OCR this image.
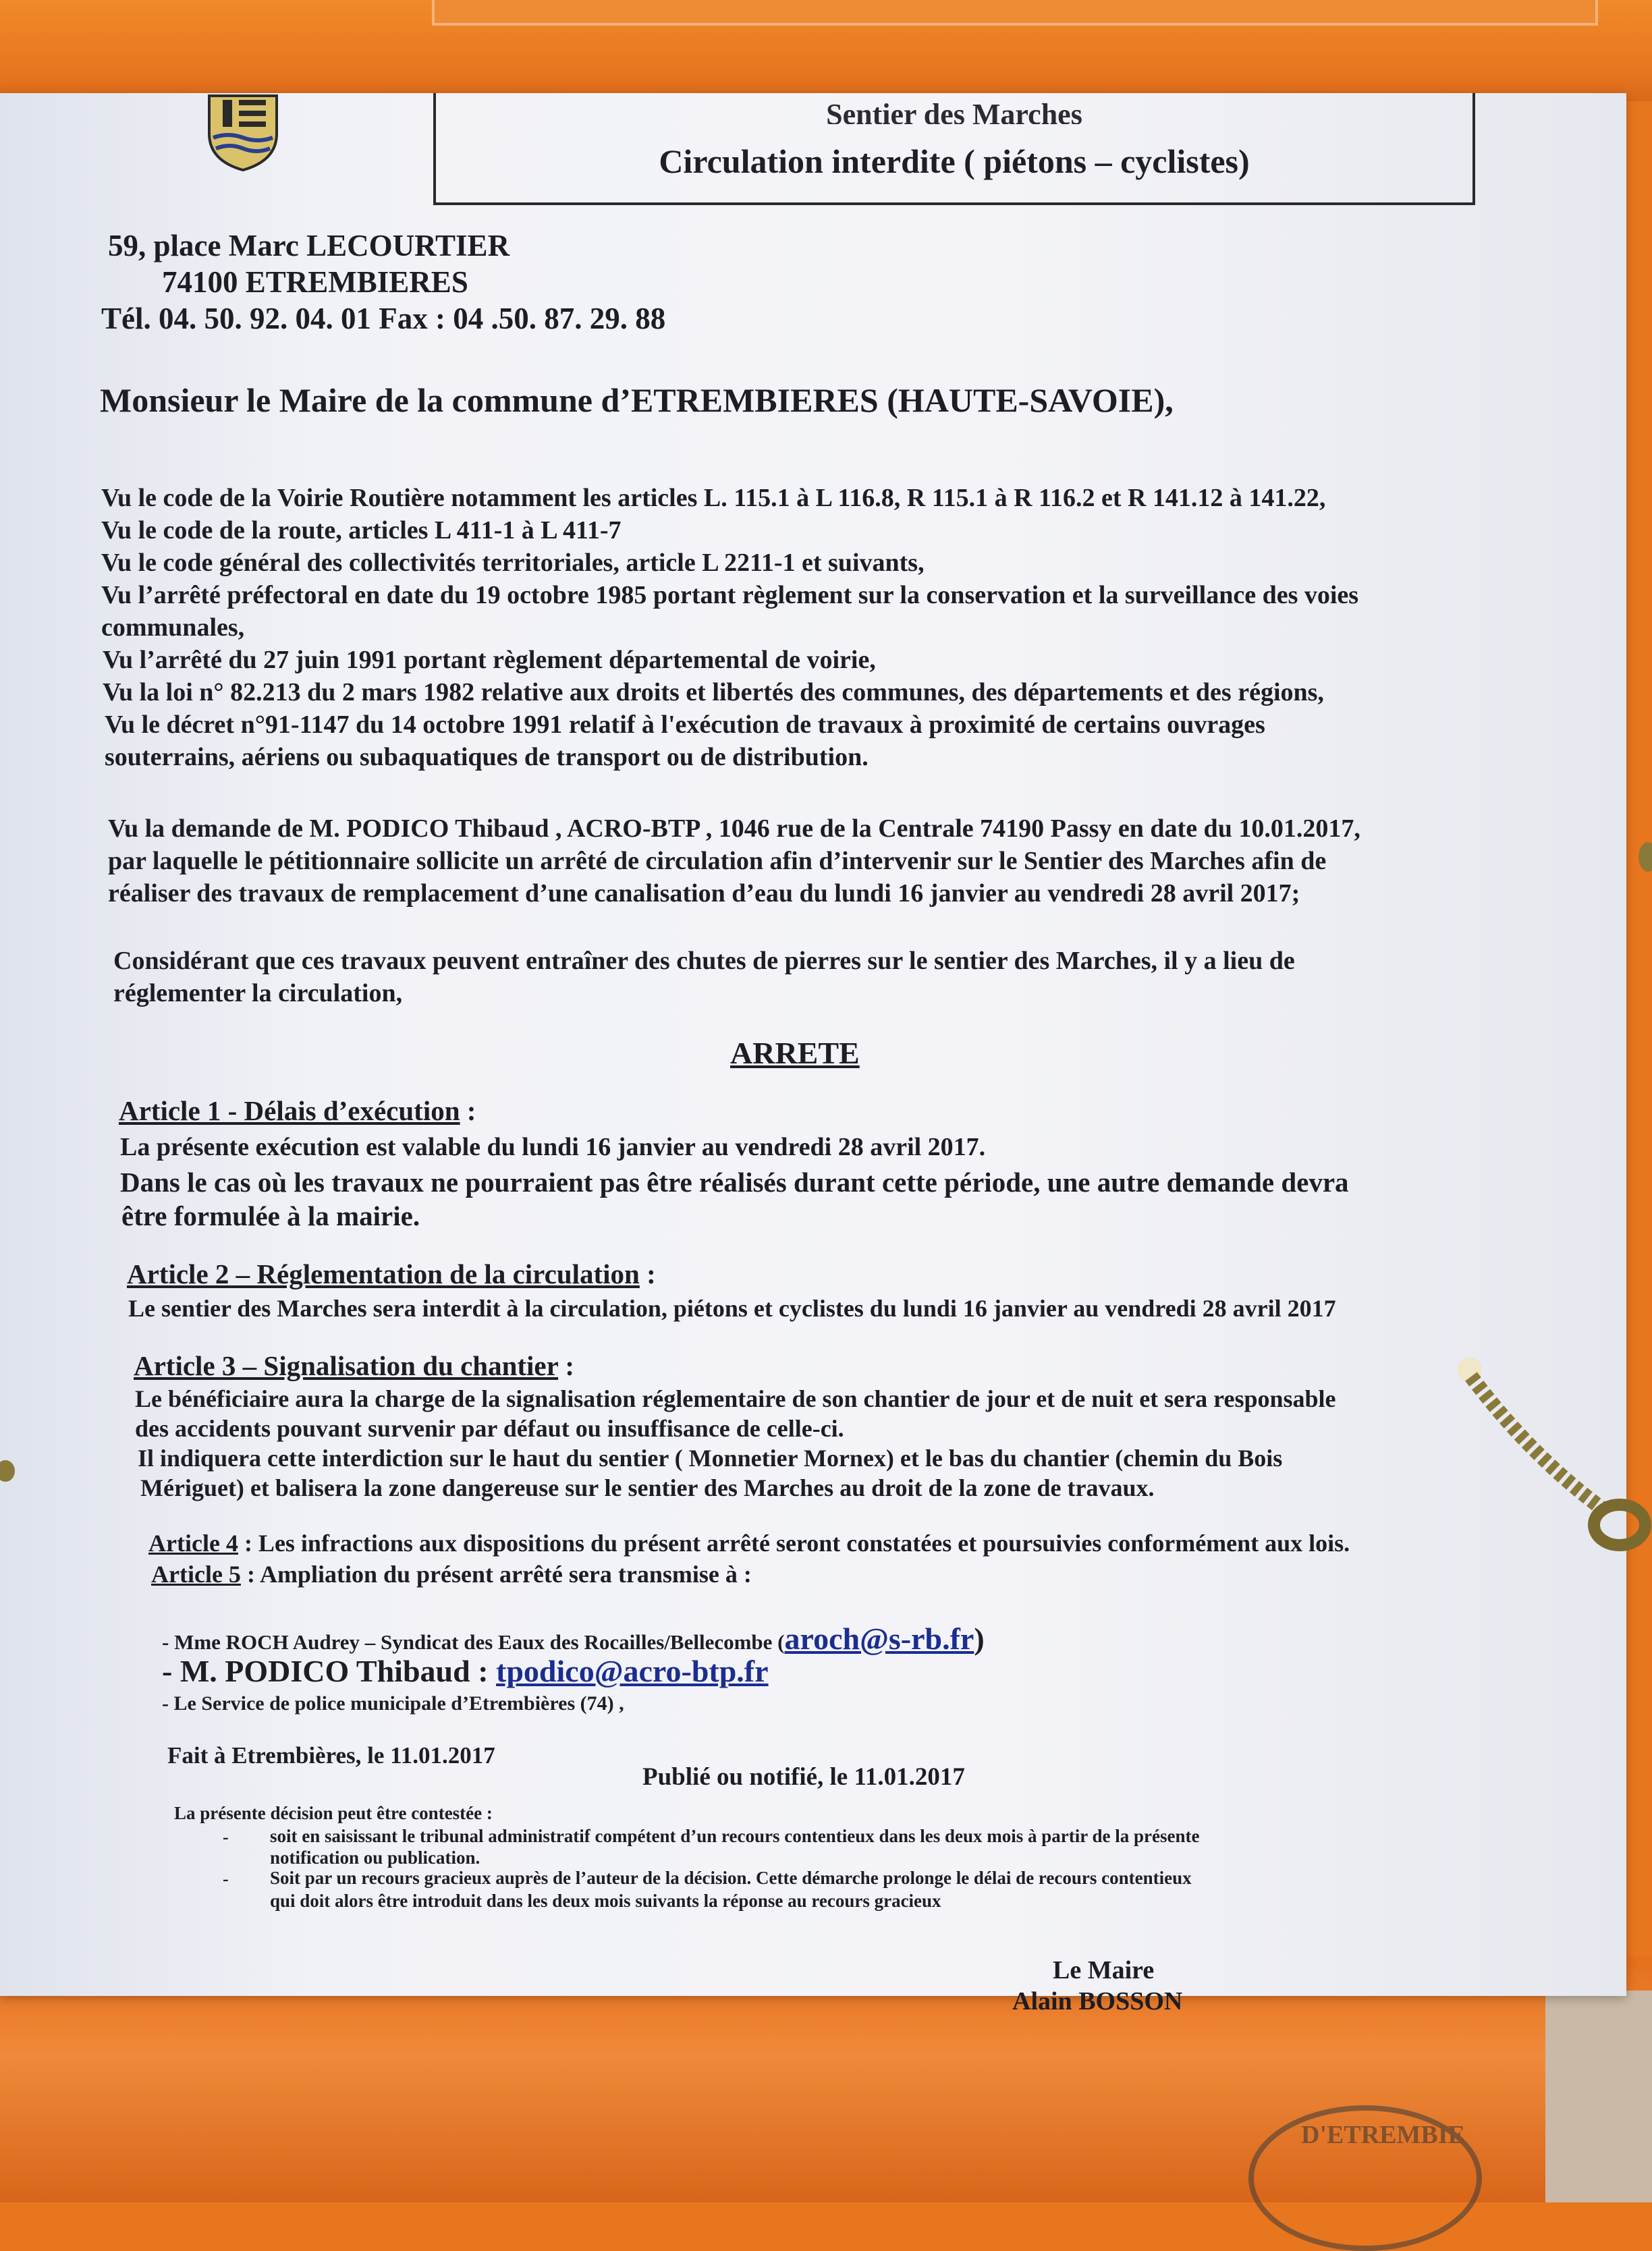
Sentier des Marches
Circulation interdite ( piétons – cyclistes)
59, place Marc LECOURTIER
74100 ETREMBIERES
Tél. 04. 50. 92. 04. 01 Fax : 04 .50. 87. 29. 88
Monsieur le Maire de la commune d’ETREMBIERES (HAUTE-SAVOIE),
Vu le code de la Voirie Routière notamment les articles L. 115.1 à L 116.8, R 115.1 à R 116.2 et R 141.12 à 141.22,
Vu le code de la route, articles L 411-1 à L 411-7
Vu le code général des collectivités territoriales, article L 2211-1 et suivants,
Vu l’arrêté préfectoral en date du 19 octobre 1985 portant règlement sur la conservation et la surveillance des voies
communales,
Vu l’arrêté du 27 juin 1991 portant règlement départemental de voirie,
Vu la loi n° 82.213 du 2 mars 1982 relative aux droits et libertés des communes, des départements et des régions,
Vu le décret n°91-1147 du 14 octobre 1991 relatif à l'exécution de travaux à proximité de certains ouvrages
souterrains, aériens ou subaquatiques de transport ou de distribution.
Vu la demande de M. PODICO Thibaud , ACRO-BTP , 1046 rue de la Centrale 74190 Passy en date du 10.01.2017,
par laquelle le pétitionnaire sollicite un arrêté de circulation afin d’intervenir sur le Sentier des Marches afin de
réaliser des travaux de remplacement d’une canalisation d’eau du lundi 16 janvier au vendredi 28 avril 2017;
Considérant que ces travaux peuvent entraîner des chutes de pierres sur le sentier des Marches, il y a lieu de
réglementer la circulation,
ARRETE
Article 1 - Délais d’exécution :
La présente exécution est valable du lundi 16 janvier au vendredi 28 avril 2017.
Dans le cas où les travaux ne pourraient pas être réalisés durant cette période, une autre demande devra
être formulée à la mairie.
Article 2 – Réglementation de la circulation :
Le sentier des Marches sera interdit à la circulation, piétons et cyclistes du lundi 16 janvier au vendredi 28 avril 2017
Article 3 – Signalisation du chantier :
Le bénéficiaire aura la charge de la signalisation réglementaire de son chantier de jour et de nuit et sera responsable
des accidents pouvant survenir par défaut ou insuffisance de celle-ci.
Il indiquera cette interdiction sur le haut du sentier ( Monnetier Mornex) et le bas du chantier (chemin du Bois
Mériguet) et balisera la zone dangereuse sur le sentier des Marches au droit de la zone de travaux.
Article 4 : Les infractions aux dispositions du présent arrêté seront constatées et poursuivies conformément aux lois.
Article 5 : Ampliation du présent arrêté sera transmise à :
- Mme ROCH Audrey – Syndicat des Eaux des Rocailles/Bellecombe (aroch@s-rb.fr)
- M. PODICO Thibaud : tpodico@acro-btp.fr
- Le Service de police municipale d’Etrembières (74) ,
Fait à Etrembières, le 11.01.2017
Publié ou notifié, le 11.01.2017
La présente décision peut être contestée :
- soit en saisissant le tribunal administratif compétent d’un recours contentieux dans les deux mois à partir de la présente
notification ou publication.
- Soit par un recours gracieux auprès de l’auteur de la décision. Cette démarche prolonge le délai de recours contentieux
qui doit alors être introduit dans les deux mois suivants la réponse au recours gracieux
Le Maire
Alain BOSSON
D'ETREMBIE
